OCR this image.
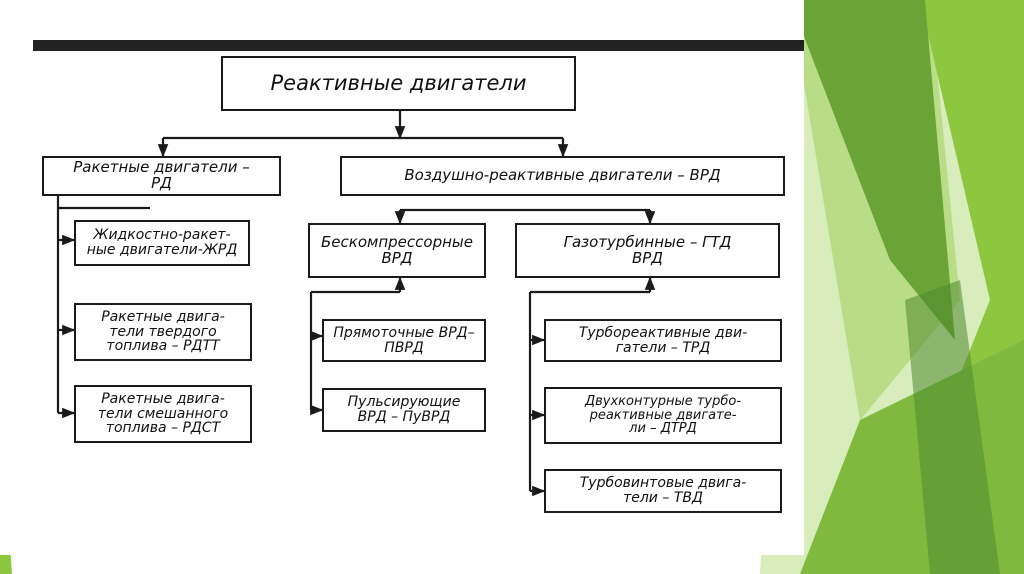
Реактивные двигатели
Ракетные двигатели –
РД	Воздушно-реактивные двигатели – ВРД
Жидкостно-ракет-
ные двигатели-ЖРД
Ракетные двига-
тели твердого
топлива – РДТТ
Ракетные двига-
тели смешанного
топлива – РДСТ
Бескомпрессорные
ВРД
Газотурбинные – ГТД
ВРД
Прямоточные ВРД–
ПВРД
Пульсирующие
ВРД – ПуВРД
Турбореактивные дви-
гатели – ТРД
Двухконтурные турбо-
реактивные двигате-
ли – ДТРД
Турбовинтовые двига-
тели – ТВД
